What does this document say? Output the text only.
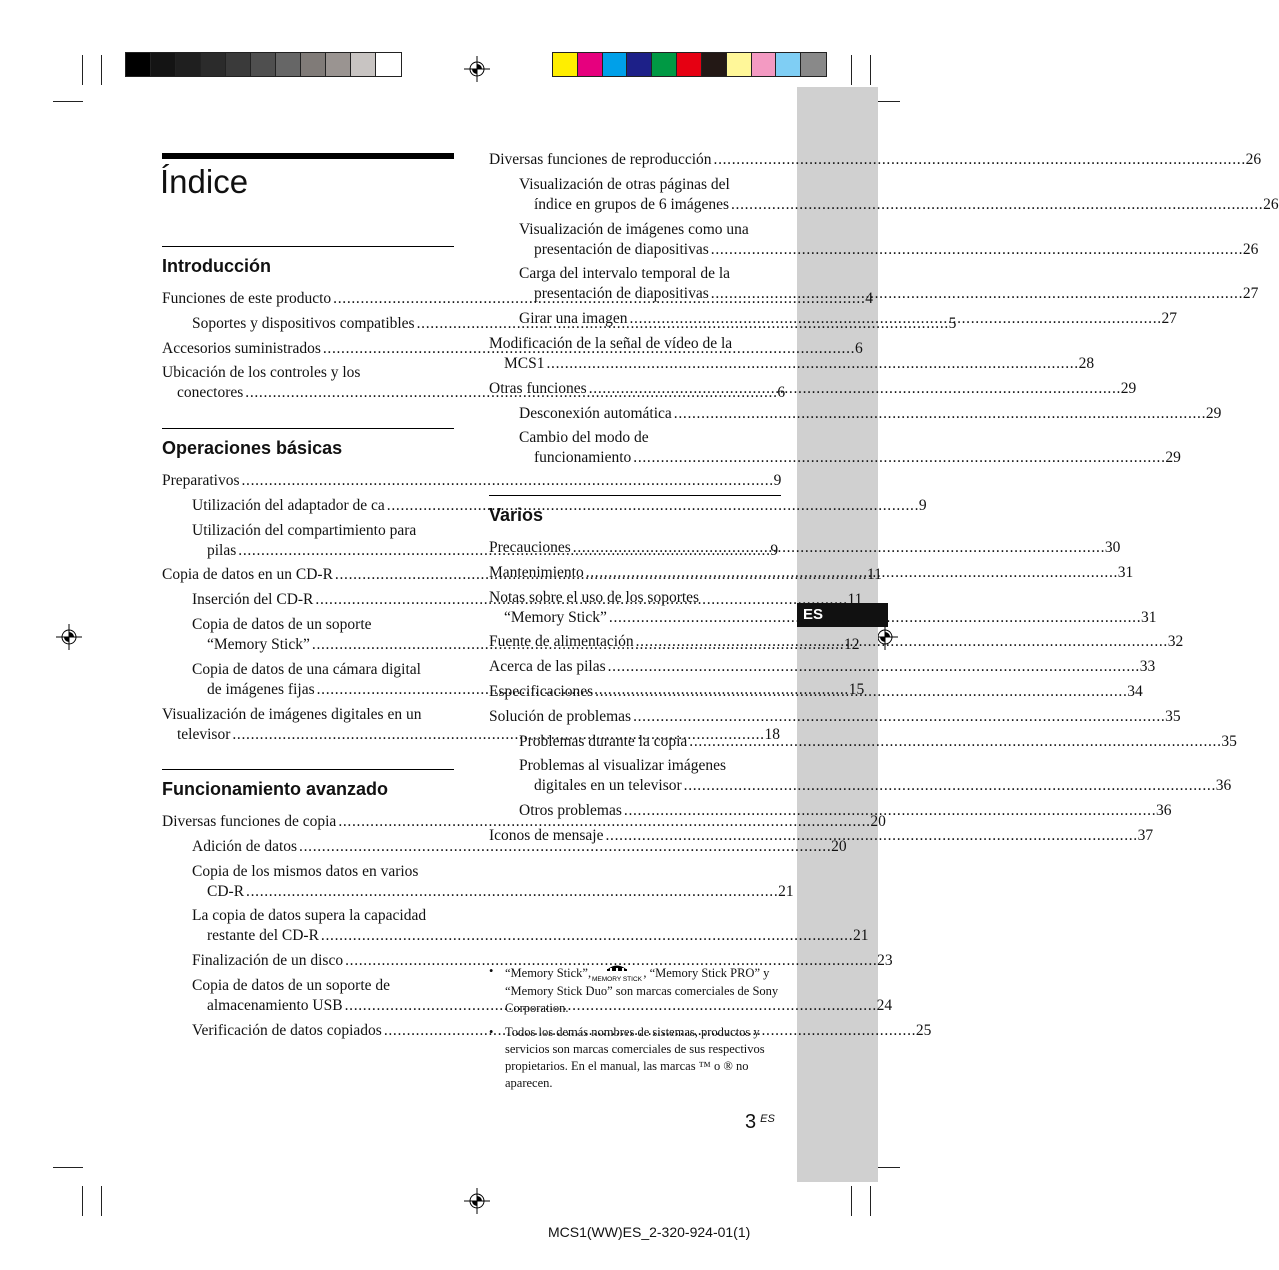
ES
Índice
Introducción
Funciones de este producto . . .	4
Soportes y dispositivos compatibles . . .	5
Accesorios suministrados . . .	6
Ubicación de los controles y los
conectores . . .	6
Operaciones básicas
Preparativos . . .	9
Utilización del adaptador de ca . . .	9
Utilización del compartimiento para
pilas . . .	9
Copia de datos en un CD-R . . .	11
Inserción del CD-R . . .	11
Copia de datos de un soporte
“Memory Stick” . . .	12
Copia de datos de una cámara digital
de imágenes fijas . . .	15
Visualización de imágenes digitales en un
televisor . . .	18
Funcionamiento avanzado
Diversas funciones de copia . . .	20
Adición de datos . . .	20
Copia de los mismos datos en varios
CD-R . . .	21
La copia de datos supera la capacidad
restante del CD-R . . .	21
Finalización de un disco . . .	23
Copia de datos de un soporte de
almacenamiento USB . . .	24
Verificación de datos copiados . . .	25
Diversas funciones de reproducción . . .	26
Visualización de otras páginas del
índice en grupos de 6 imágenes . . .	26
Visualización de imágenes como una
presentación de diapositivas . . .	26
Carga del intervalo temporal de la
presentación de diapositivas . . .	27
Girar una imagen . . .	27
Modificación de la señal de vídeo de la
MCS1 . . .	28
Otras funciones . . .	29
Desconexión automática . . .	29
Cambio del modo de
funcionamiento . . .	29
Varios
Precauciones . . .	30
Mantenimiento . . .	31
Notas sobre el uso de los soportes
“Memory Stick” . . .	31
Fuente de alimentación . . .	32
Acerca de las pilas . . .	33
Especificaciones . . .	34
Solución de problemas . . .	35
Problemas durante la copia . . .	35
Problemas al visualizar imágenes
digitales en un televisor . . .	36
Otros problemas . . .	36
Iconos de mensaje . . .	37
• “Memory Stick”, MEMORY STICK , “Memory Stick PRO” y “Memory Stick Duo” son marcas comerciales de Sony Corporation.
• Todos los demás nombres de sistemas, productos y servicios son marcas comerciales de sus respectivos propietarios. En el manual, las marcas ™ o ® no aparecen.
3 $^{ES}$
MCS1(WW)ES_2-320-924-01(1)
